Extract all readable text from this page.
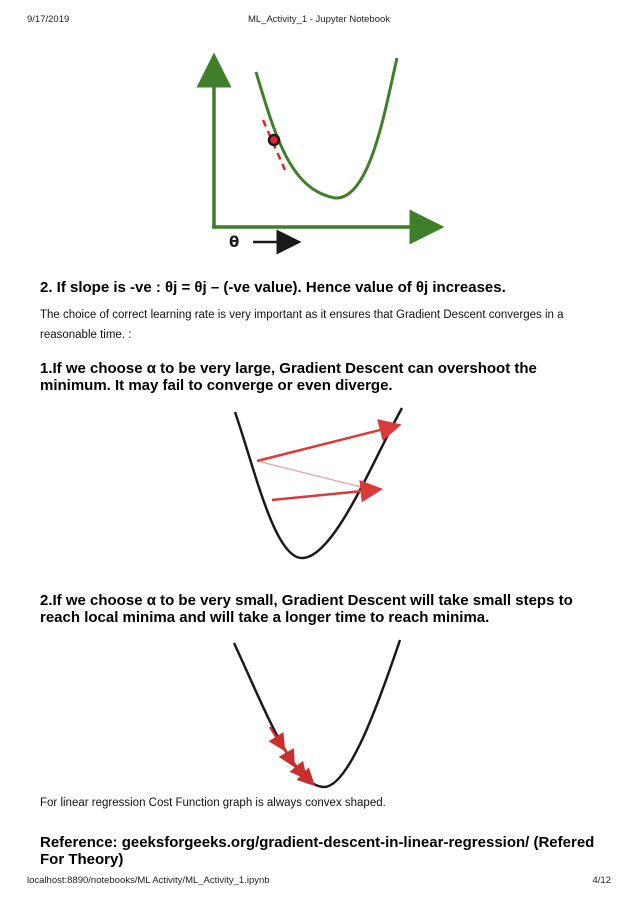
9/17/2019	ML_Activity_1 - Jupyter Notebook
θ
2. If slope is -ve : θj = θj – (-ve value). Hence value of θj increases.

The choice of correct learning rate is very important as it ensures that Gradient Descent converges in a reasonable time. :

1.If we choose α to be very large, Gradient Descent can overshoot the minimum. It may fail to converge or even diverge.
2.If we choose α to be very small, Gradient Descent will take small steps to reach local minima and will take a longer time to reach minima.

For linear regression Cost Function graph is always convex shaped.

Reference: geeksforgeeks.org/gradient-descent-in-linear-regression/ (Refered For Theory)
localhost:8890/notebooks/ML Activity/ML_Activity_1.ipynb	4/12
